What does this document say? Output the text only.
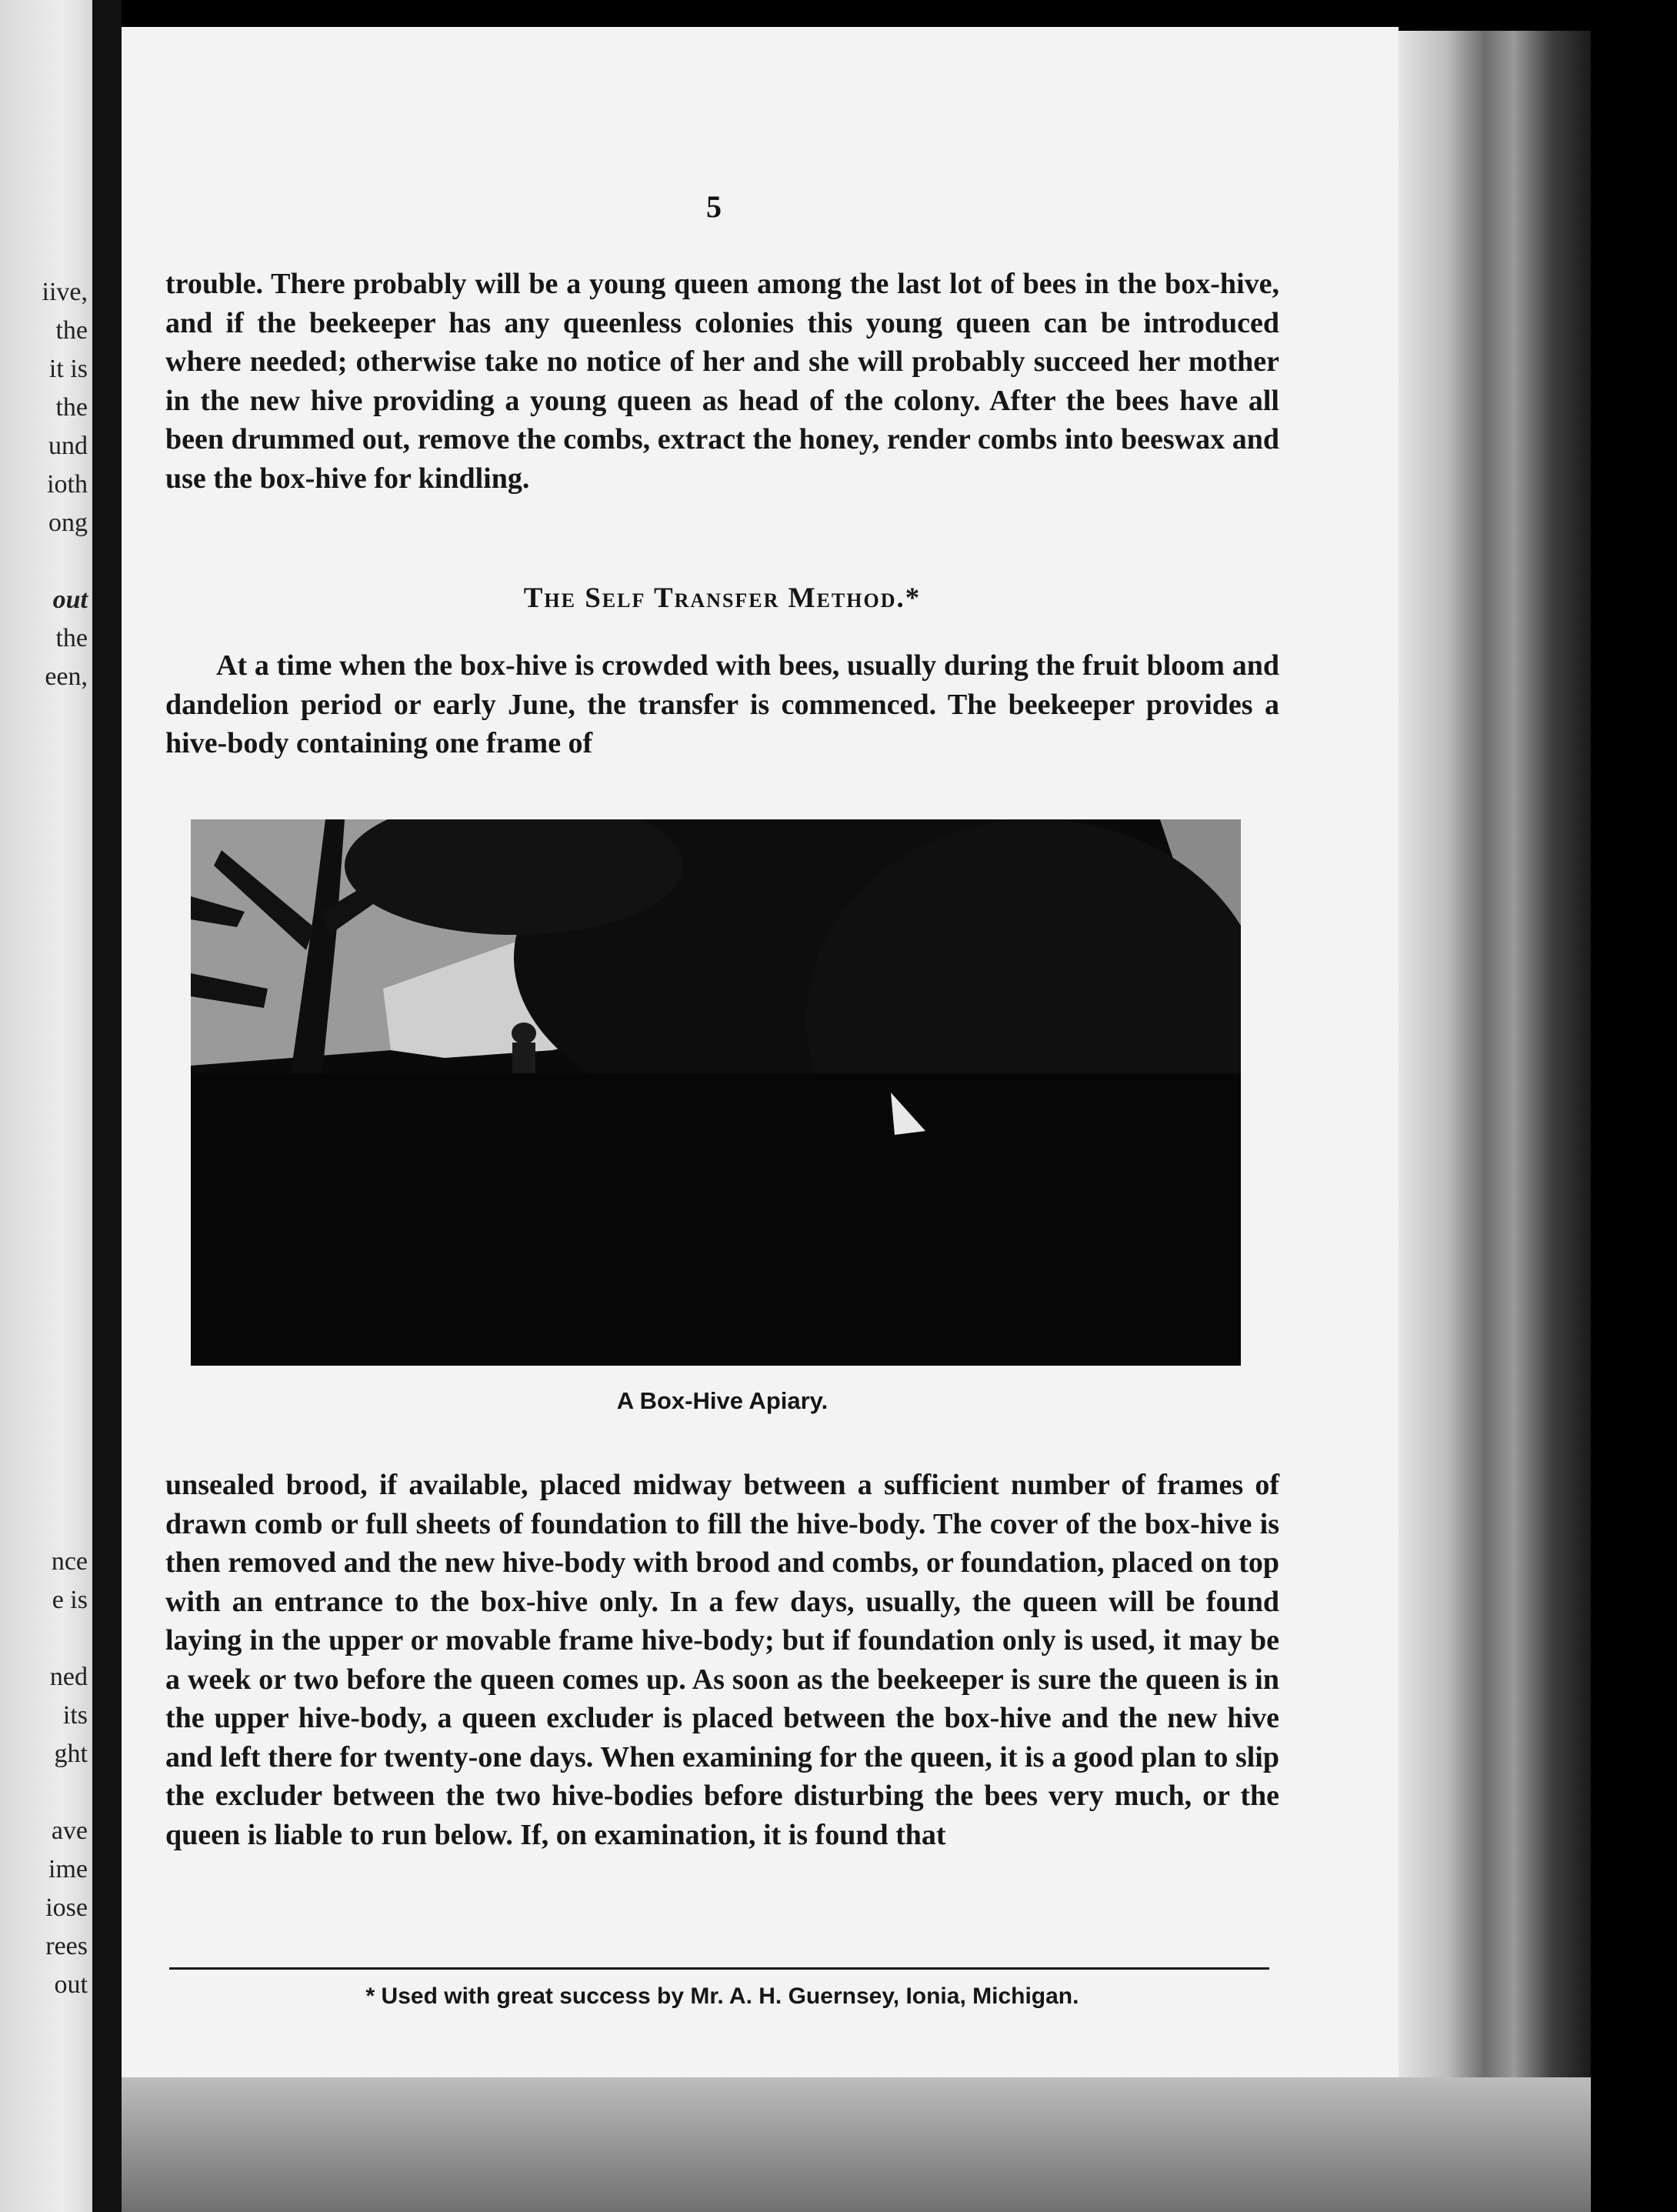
iive,
the
it is
the
und
ioth
ong
out
the
een,
nce
e is
ned
its
ght
ave
ime
iose
rees
out
5

trouble. There probably will be a young queen among the last lot of bees in the box-hive, and if the beekeeper has any queenless colonies this young queen can be introduced where needed; otherwise take no notice of her and she will probably succeed her mother in the new hive providing a young queen as head of the colony. After the bees have all been drummed out, remove the combs, extract the honey, render combs into beeswax and use the box-hive for kindling.

The Self Transfer Method.*

At a time when the box-hive is crowded with bees, usually during the fruit bloom and dandelion period or early June, the transfer is commenced. The beekeeper provides a hive-body containing one frame of

A Box-Hive Apiary.

unsealed brood, if available, placed midway between a sufficient number of frames of drawn comb or full sheets of foundation to fill the hive-body. The cover of the box-hive is then removed and the new hive-body with brood and combs, or foundation, placed on top with an entrance to the box-hive only. In a few days, usually, the queen will be found laying in the upper or movable frame hive-body; but if foundation only is used, it may be a week or two before the queen comes up. As soon as the beekeeper is sure the queen is in the upper hive-body, a queen excluder is placed between the box-hive and the new hive and left there for twenty-one days. When examining for the queen, it is a good plan to slip the excluder between the two hive-bodies before disturbing the bees very much, or the queen is liable to run below. If, on examination, it is found that

* Used with great success by Mr. A. H. Guernsey, Ionia, Michigan.
